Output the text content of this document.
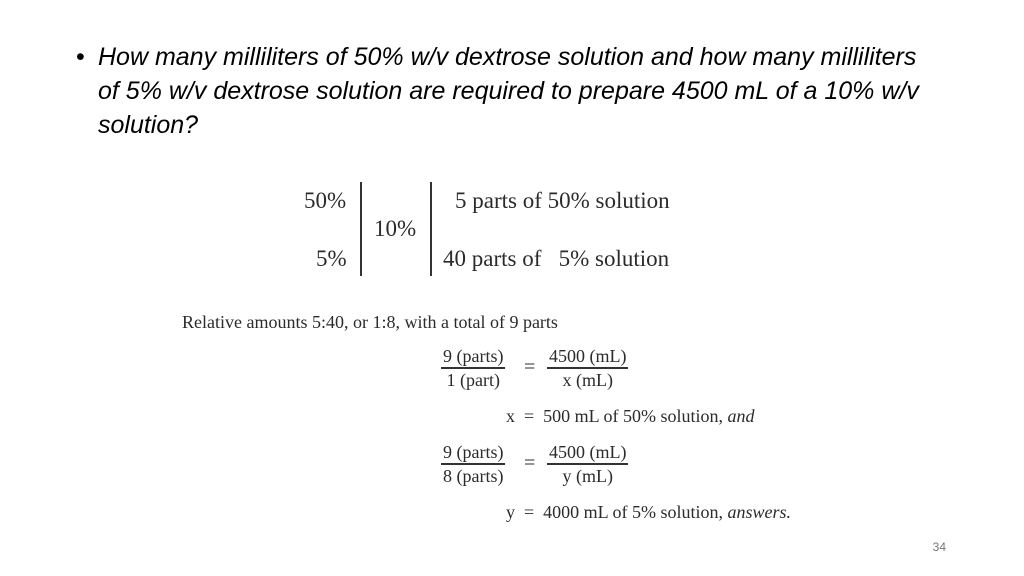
• How many milliliters of 50% w/v dextrose solution and how many milliliters of 5% w/v dextrose solution are required to prepare 4500 mL of a 10% w/v solution?
50%
5%
10%
5 parts of 50% solution
40 parts of   5% solution
Relative amounts 5:40, or 1:8, with a total of 9 parts
9 (parts)
1 (part)
= 4500 (mL)
x (mL)
x  =  500 mL of 50% solution, and
9 (parts)
8 (parts)
= 4500 (mL)
y (mL)
y  =  4000 mL of 5% solution, answers.
34
